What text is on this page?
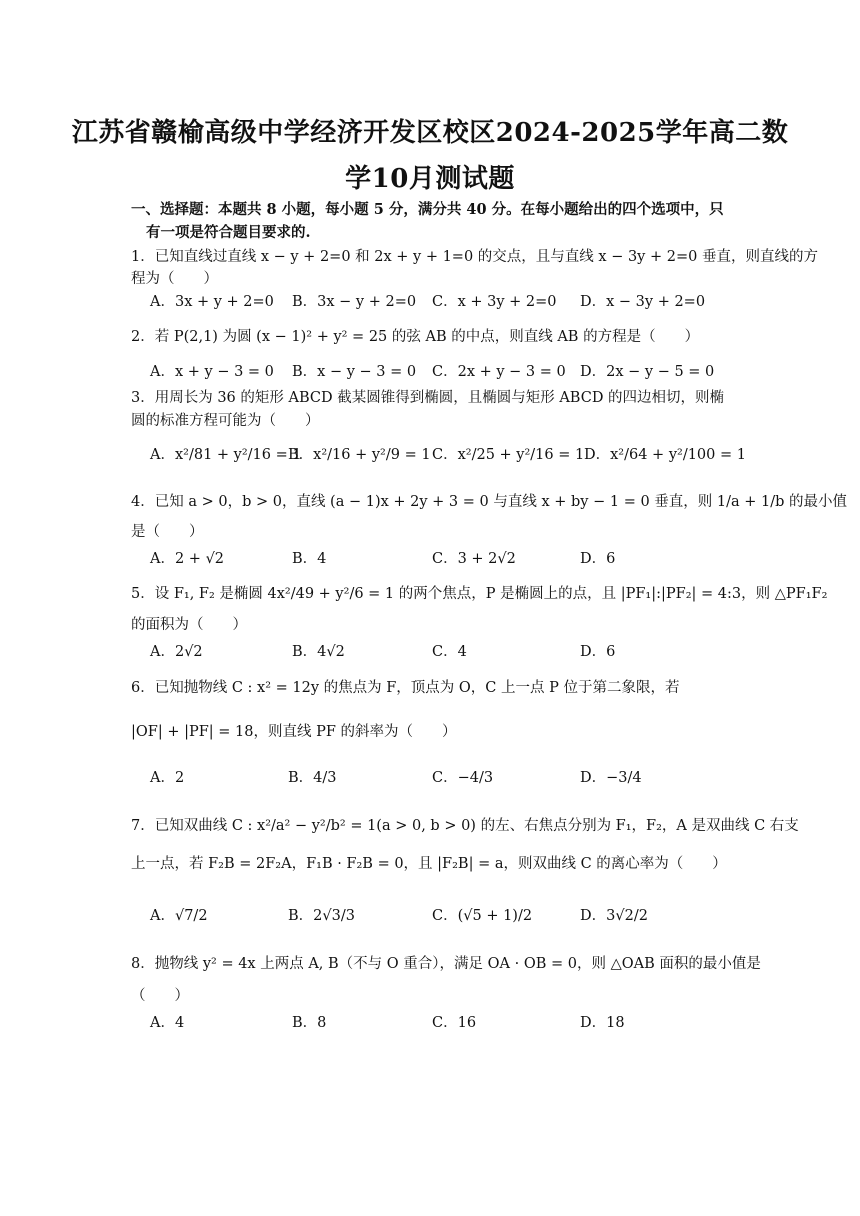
江苏省赣榆高级中学经济开发区校区2024-2025学年高二数
学10月测试题
一、选择题：本题共 8 小题，每小题 5 分，满分共 40 分。在每小题给出的四个选项中，只
有一项是符合题目要求的.
1．已知直线过直线 x − y + 2=0 和 2x + y + 1=0 的交点，且与直线 x − 3y + 2=0 垂直，则直线的方
程为（　　）
A．3x + y + 2=0 B．3x − y + 2=0 C．x + 3y + 2=0 D．x − 3y + 2=0
2．若 P(2,1) 为圆 (x − 1)² + y² = 25 的弦 AB 的中点，则直线 AB 的方程是（　　）
A．x + y − 3 = 0 B．x − y − 3 = 0 C．2x + y − 3 = 0 D．2x − y − 5 = 0
3．用周长为 36 的矩形 ABCD 截某圆锥得到椭圆，且椭圆与矩形 ABCD 的四边相切，则椭
圆的标准方程可能为（　　）
A．x²/81 + y²/16 = 1
B．x²/16 + y²/9 = 1 C．x²/25 + y²/16 = 1 D．x²/64 + y²/100 = 1
4．已知 a > 0，b > 0，直线 (a − 1)x + 2y + 3 = 0 与直线 x + by − 1 = 0 垂直，则 1/a + 1/b 的最小值
是（　　）
A．2 + √2	B．4	C．3 + 2√2	D．6
5．设 F₁, F₂ 是椭圆 4x²/49 + y²/6 = 1 的两个焦点，P 是椭圆上的点，且 |PF₁|:|PF₂| = 4:3，则 △PF₁F₂
的面积为（　　）
A．2√2	B．4√2	C．4	D．6
6．已知抛物线 C : x² = 12y 的焦点为 F，顶点为 O，C 上一点 P 位于第二象限，若
|OF| + |PF| = 18，则直线 PF 的斜率为（　　）
A．2	B．4/3	C．−4/3	D．−3/4
7．已知双曲线 C : x²/a² − y²/b² = 1(a > 0, b > 0) 的左、右焦点分别为 F₁，F₂，A 是双曲线 C 右支
上一点，若 F₂B = 2F₂A，F₁B · F₂B = 0，且 |F₂B| = a，则双曲线 C 的离心率为（　　）
A．√7/2	B．2√3/3	C．(√5 + 1)/2	D．3√2/2
8．抛物线 y² = 4x 上两点 A, B（不与 O 重合），满足 OA · OB = 0，则 △OAB 面积的最小值是
（　　）
A．4	B．8	C．16	D．18
